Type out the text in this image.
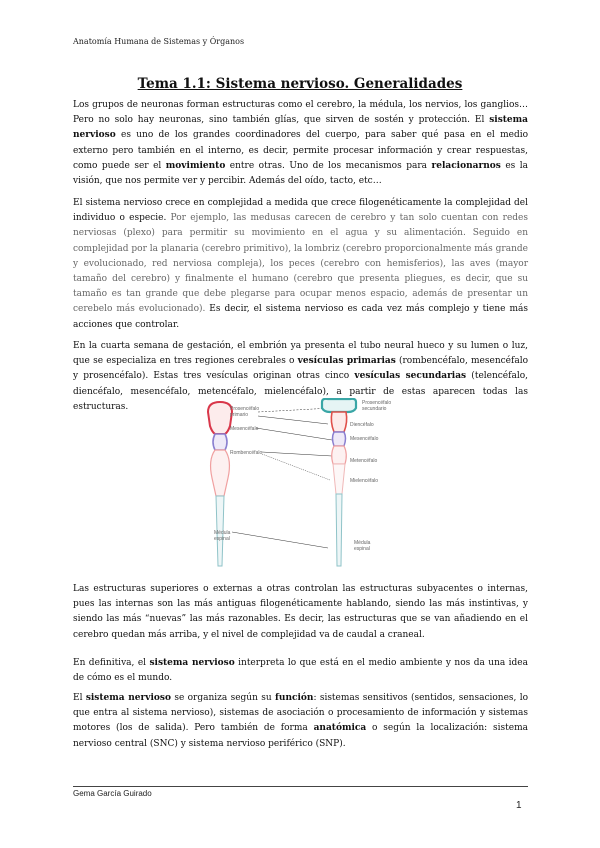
Anatomía Humana de Sistemas y Órganos
Tema 1.1: Sistema nervioso. Generalidades

Los grupos de neuronas forman estructuras como el cerebro, la médula, los nervios, los ganglios… Pero no solo hay neuronas, sino también glías, que sirven de sostén y protección. El sistema nervioso es uno de los grandes coordinadores del cuerpo, para saber qué pasa en el medio externo pero también en el interno, es decir, permite procesar información y crear respuestas, como puede ser el movimiento entre otras. Uno de los mecanismos para relacionarnos es la visión, que nos permite ver y percibir. Además del oído, tacto, etc…

El sistema nervioso crece en complejidad a medida que crece filogenéticamente la complejidad del individuo o especie. Por ejemplo, las medusas carecen de cerebro y tan solo cuentan con redes nerviosas (plexo) para permitir su movimiento en el agua y su alimentación. Seguido en complejidad por la planaria (cerebro primitivo), la lombriz (cerebro proporcionalmente más grande y evolucionado, red nerviosa compleja), los peces (cerebro con hemisferios), las aves (mayor tamaño del cerebro) y finalmente el humano (cerebro que presenta pliegues, es decir, que su tamaño es tan grande que debe plegarse para ocupar menos espacio, además de presentar un cerebelo más evolucionado). Es decir, el sistema nervioso es cada vez más complejo y tiene más acciones que controlar.

En la cuarta semana de gestación, el embrión ya presenta el tubo neural hueco y su lumen o luz, que se especializa en tres regiones cerebrales o vesículas primarias (rombencéfalo, mesencéfalo y prosencéfalo). Estas tres vesículas originan otras cinco vesículas secundarias (telencéfalo, diencéfalo, mesencéfalo, metencéfalo, mielencéfalo), a partir de estas aparecen todas las estructuras.	Prosencéfalo
primario
Mesencéfalo
Rombencéfalo
Médula
espinal
Prosencéfalo
secundario
Diencéfalo
Mesencéfalo
Metencéfalo
Mielencéfalo
Médula
espinal

Las estructuras superiores o externas a otras controlan las estructuras subyacentes o internas, pues las internas son las más antiguas filogenéticamente hablando, siendo las más instintivas, y siendo las más “nuevas” las más razonables. Es decir, las estructuras que se van añadiendo en el cerebro quedan más arriba, y el nivel de complejidad va de caudal a craneal.

En definitiva, el sistema nervioso interpreta lo que está en el medio ambiente y nos da una idea de cómo es el mundo.

El sistema nervioso se organiza según su función: sistemas sensitivos (sentidos, sensaciones, lo que entra al sistema nervioso), sistemas de asociación o procesamiento de información y sistemas motores (los de salida). Pero también de forma anatómica o según la localización: sistema nervioso central (SNC) y sistema nervioso periférico (SNP).

Gema García Guirado
1
